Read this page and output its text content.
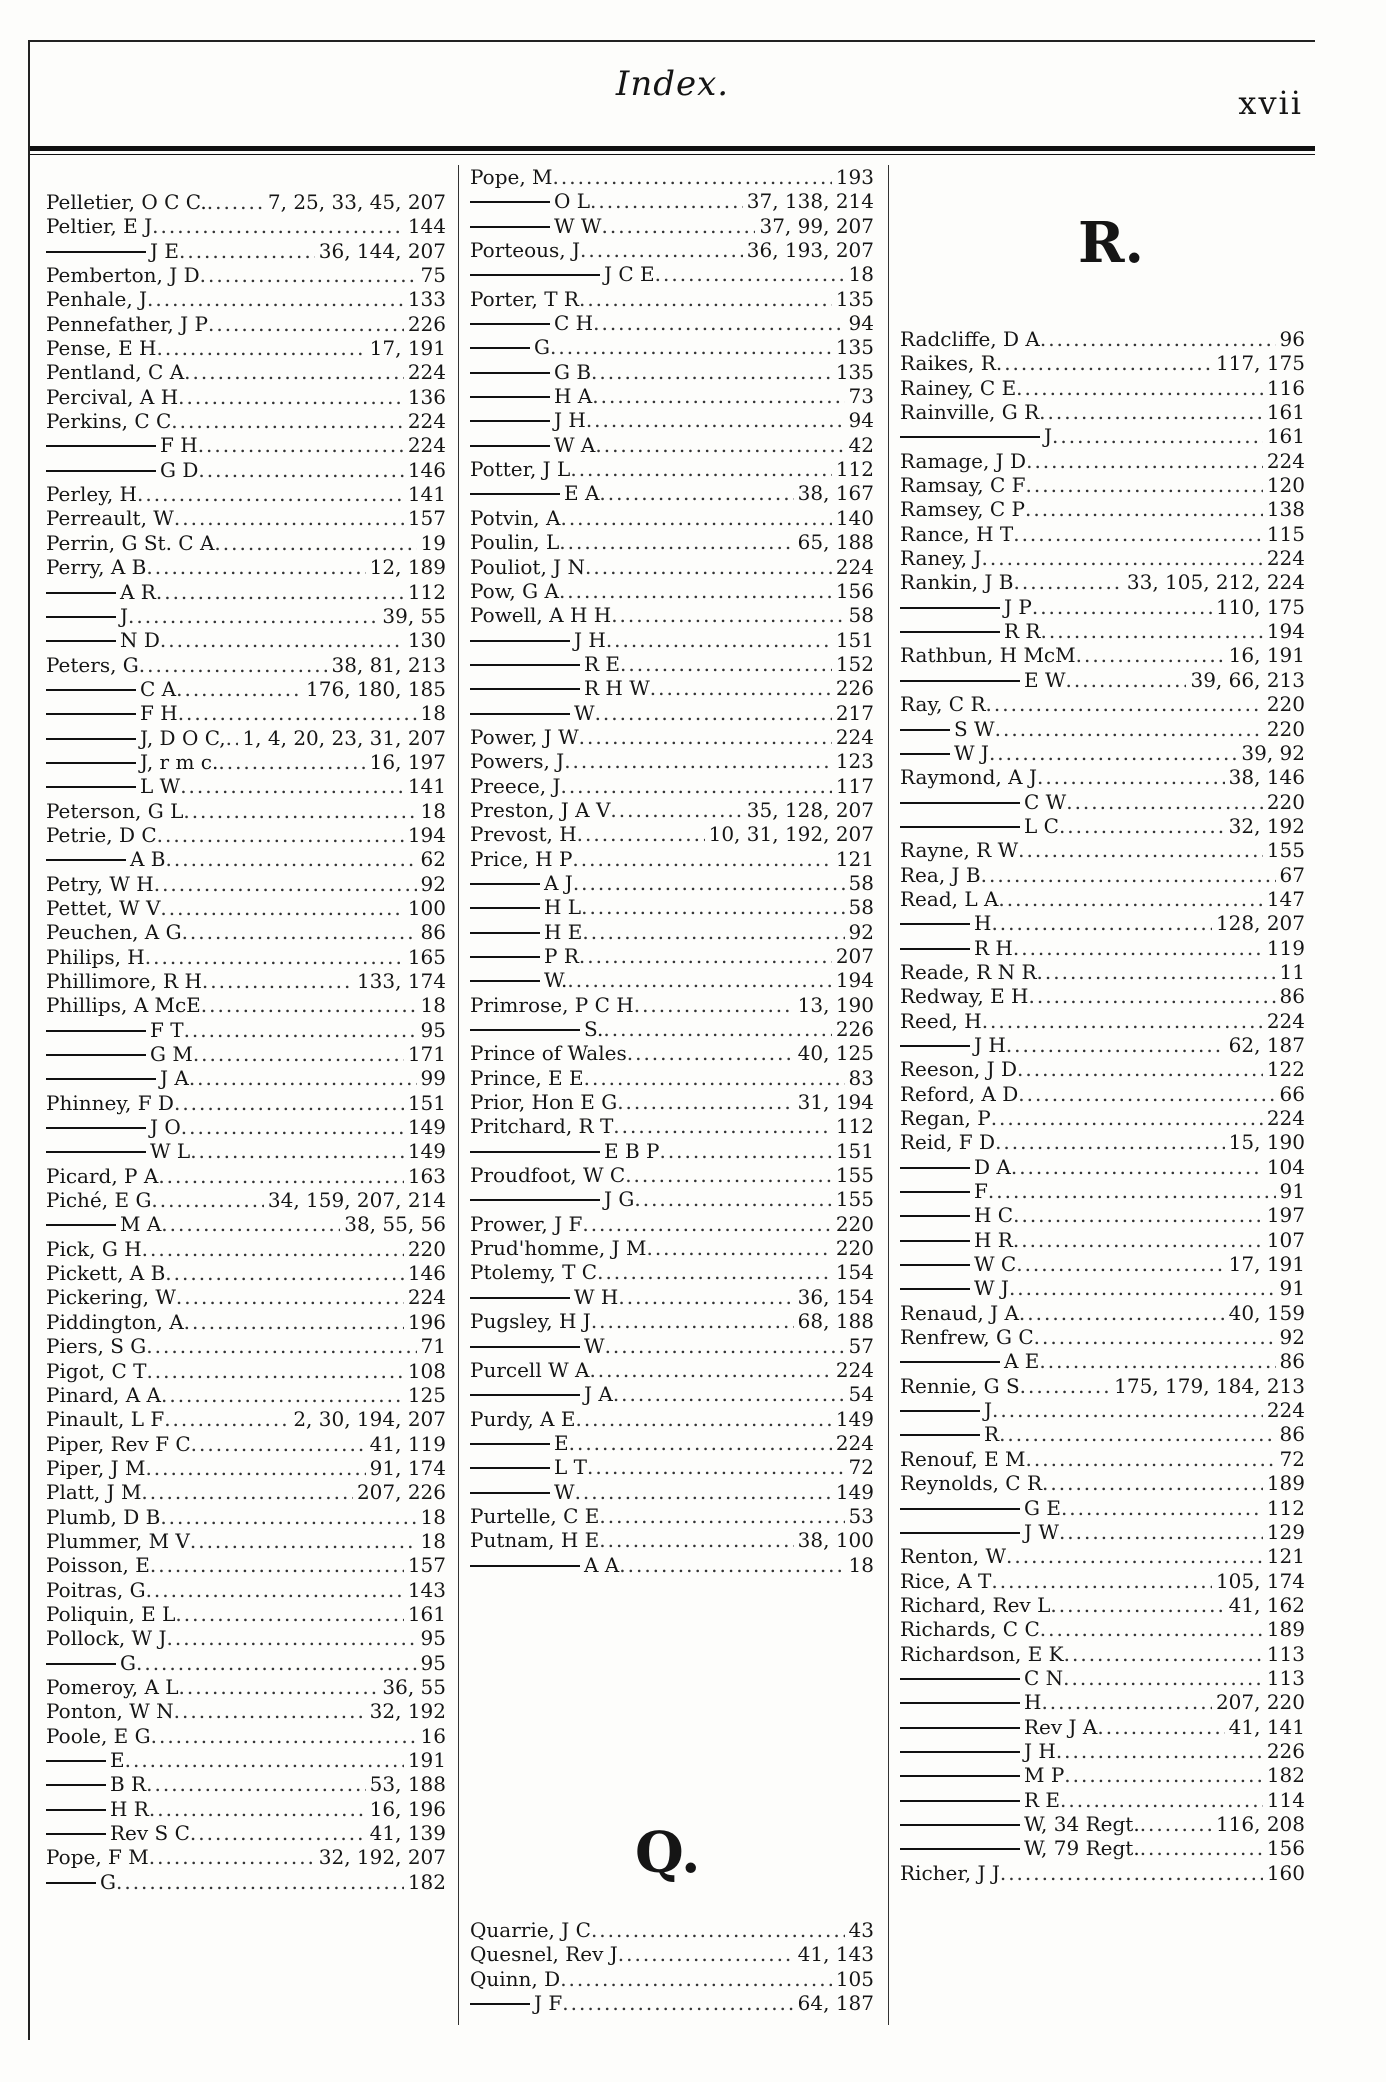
Index.	xvii
Pelletier, O C C. .....	7, 25, 33, 45, 207
Peltier, E J .....	144
J E .....	36, 144, 207
Pemberton, J D .....	75
Penhale, J .....	133
Pennefather, J P .....	226
Pense, E H .....	17, 191
Pentland, C A .....	224
Percival, A H .....	136
Perkins, C C .....	224
F H .....	224
G D .....	146
Perley, H .....	141
Perreault, W .....	157
Perrin, G St. C A .....	19
Perry, A B .....	12, 189
A R .....	112
J .....	39, 55
N D .....	130
Peters, G .....	38, 81, 213
C A .....	176, 180, 185
F H .....	18
J, D O C, ..... 1, 4, 20, 23, 31, 207
J, r m c. .....	16, 197
L W .....	141
Peterson, G L .....	18
Petrie, D C .....	194
A B .....	62
Petry, W H .....	92
Pettet, W V .....	100
Peuchen, A G .....	86
Philips, H .....	165
Phillimore, R H .....	133, 174
Phillips, A McE .....	18
F T .....	95
G M .....	171
J A .....	99
Phinney, F D .....	151
J O .....	149
W L .....	149
Picard, P A .....	163
Piché, E G .....	34, 159, 207, 214
M A .....	38, 55, 56
Pick, G H .....	220
Pickett, A B .....	146
Pickering, W .....	224
Piddington, A .....	196
Piers, S G .....	71
Pigot, C T .....	108
Pinard, A A .....	125
Pinault, L F .....	2, 30, 194, 207
Piper, Rev F C .....	41, 119
Piper, J M .....	91, 174
Platt, J M .....	207, 226
Plumb, D B .....	18
Plummer, M V .....	18
Poisson, E .....	157
Poitras, G .....	143
Poliquin, E L .....	161
Pollock, W J .....	95
G .....	95
Pomeroy, A L .....	36, 55
Ponton, W N .....	32, 192
Poole, E G .....	16
E .....	191
B R .....	53, 188
H R .....	16, 196
Rev S C .....	41, 139
Pope, F M .....	32, 192, 207
G .....	182
Pope, M .....	193
O L .....	37, 138, 214
W W .....	37, 99, 207
Porteous, J .....	36, 193, 207
J C E .....	18
Porter, T R .....	135
C H .....	94
G .....	135
G B .....	135
H A .....	73
J H .....	94
W A .....	42
Potter, J L .....	112
E A .....	38, 167
Potvin, A .....	140
Poulin, L .....	65, 188
Pouliot, J N .....	224
Pow, G A .....	156
Powell, A H H .....	58
J H .....	151
R E .....	152
R H W .....	226
W .....	217
Power, J W .....	224
Powers, J .....	123
Preece, J .....	117
Preston, J A V .....	35, 128, 207
Prevost, H .....	10, 31, 192, 207
Price, H P .....	121
A J .....	58
H L .....	58
H E .....	92
P R .....	207
W. .....	194
Primrose, P C H .....	13, 190
S. .....	226
Prince of Wales .....	40, 125
Prince, E E .....	83
Prior, Hon E G .....	31, 194
Pritchard, R T .....	112
E B P .....	151
Proudfoot, W C .....	155
J G .....	155
Prower, J F .....	220
Prud'homme, J M .....	220
Ptolemy, T C .....	154
W H .....	36, 154
Pugsley, H J .....	68, 188
W .....	57
Purcell W A .....	224
J A .....	54
Purdy, A E .....	149
E .....	224
L T .....	72
W .....	149
Purtelle, C E .....	53
Putnam, H E .....	38, 100
A A .....	18
Q.
Quarrie, J C .....	43
Quesnel, Rev J .....	41, 143
Quinn, D .....	105
J F .....	64, 187
R.
Radcliffe, D A .....	96
Raikes, R .....	117, 175
Rainey, C E .....	116
Rainville, G R .....	161
J .....	161
Ramage, J D .....	224
Ramsay, C F .....	120
Ramsey, C P .....	138
Rance, H T .....	115
Raney, J .....	224
Rankin, J B .....	33, 105, 212, 224
J P .....	110, 175
R R .....	194
Rathbun, H McM .....	16, 191
E W .....	39, 66, 213
Ray, C R .....	220
S W .....	220
W J .....	39, 92
Raymond, A J .....	38, 146
C W .....	220
L C .....	32, 192
Rayne, R W .....	155
Rea, J B .....	67
Read, L A .....	147
H .....	128, 207
R H .....	119
Reade, R N R .....	11
Redway, E H .....	86
Reed, H .....	224
J H .....	62, 187
Reeson, J D .....	122
Reford, A D .....	66
Regan, P .....	224
Reid, F D .....	15, 190
D A .....	104
F .....	91
H C .....	197
H R .....	107
W C .....	17, 191
W J .....	91
Renaud, J A .....	40, 159
Renfrew, G C .....	92
A E .....	86
Rennie, G S .....	175, 179, 184, 213
J .....	224
R .....	86
Renouf, E M .....	72
Reynolds, C R .....	189
G E .....	112
J W .....	129
Renton, W .....	121
Rice, A T .....	105, 174
Richard, Rev L .....	41, 162
Richards, C C .....	189
Richardson, E K .....	113
C N .....	113
H .....	207, 220
Rev J A .....	41, 141
J H .....	226
M P .....	182
R E .....	114
W, 34 Regt. .....	116, 208
W, 79 Regt. .....	156
Richer, J J .....	160
